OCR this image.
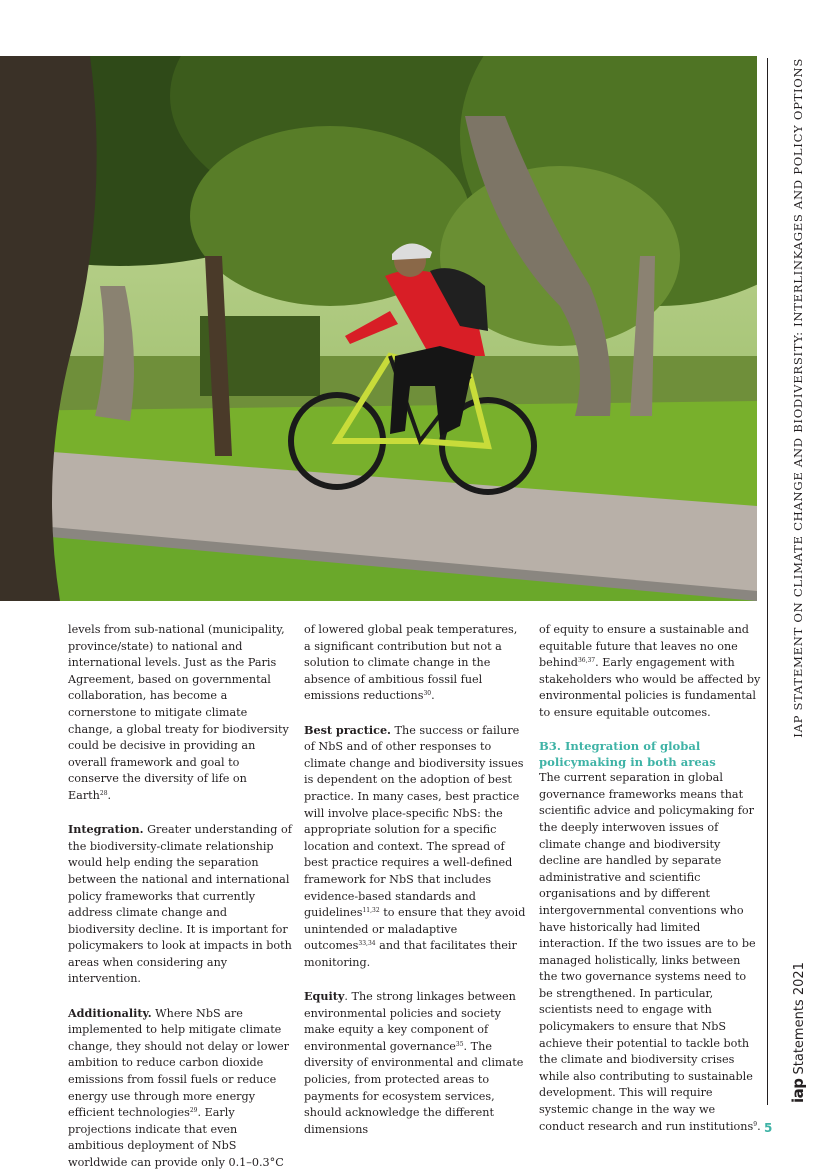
IAP STATEMENT ON CLIMATE CHANGE AND BIODIVERSITY: INTERLINKAGES AND POLICY OPTIONS
iapStatements 2021

levels from sub-national (municipality, province/state) to national and international levels. Just as the Paris Agreement, based on governmental collaboration, has become a cornerstone to mitigate climate change, a global treaty for biodiversity could be decisive in providing an overall framework and goal to conserve the diversity of life on Earth$^{28}$.

Integration. Greater understanding of the biodiversity-climate relationship would help ending the separation between the national and international policy frameworks that currently address climate change and biodiversity decline. It is important for policymakers to look at impacts in both areas when considering any intervention.

Additionality. Where NbS are implemented to help mitigate climate change, they should not delay or lower ambition to reduce carbon dioxide emissions from fossil fuels or reduce energy use through more energy efficient technologies$^{29}$. Early projections indicate that even ambitious deployment of NbS worldwide can provide only 0.1–0.3°C

of lowered global peak temperatures, a significant contribution but not a solution to climate change in the absence of ambitious fossil fuel emissions reductions$^{30}$.

Best practice. The success or failure of NbS and of other responses to climate change and biodiversity issues is dependent on the adoption of best practice. In many cases, best practice will involve place-specific NbS: the appropriate solution for a specific location and context. The spread of best practice requires a well-defined framework for NbS that includes evidence-based standards and guidelines$^{11,32}$ to ensure that they avoid unintended or maladaptive outcomes$^{33,34}$ and that facilitates their monitoring.

Equity. The strong linkages between environmental policies and society make equity a key component of environmental governance$^{35}$. The diversity of environmental and climate policies, from protected areas to payments for ecosystem services, should acknowledge the different dimensions

of equity to ensure a sustainable and equitable future that leaves no one behind$^{36,37}$. Early engagement with stakeholders who would be affected by environmental policies is fundamental to ensure equitable outcomes.

B3. Integration of global policymaking in both areas

The current separation in global governance frameworks means that scientific advice and policymaking for the deeply interwoven issues of climate change and biodiversity decline are handled by separate administrative and scientific organisations and by different intergovernmental conventions who have historically had limited interaction. If the two issues are to be managed holistically, links between the two governance systems need to be strengthened. In particular, scientists need to engage with policymakers to ensure that NbS achieve their potential to tackle both the climate and biodiversity crises while also contributing to sustainable development. This will require systemic change in the way we conduct research and run institutions$^9$. 5
